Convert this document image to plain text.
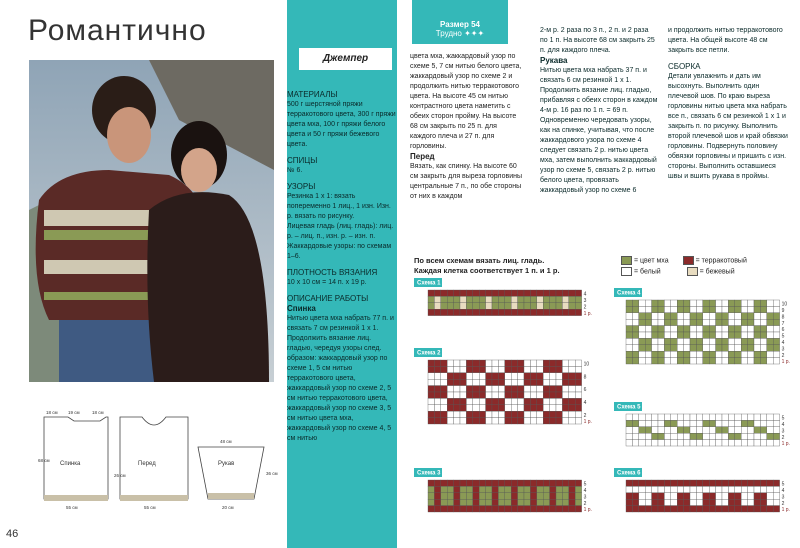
Романтично
Спинка
18 см 19 см	18 см
55 см
68 см
Перед
55 см
26 см
Рукав
48 см
20 см
36 см
46
Джемпер
МАТЕРИАЛЫ
500 г шерстяной пряжи терракотового цвета, 300 г пряжи цвета мха, 100 г пряжи белого цвета и 50 г пряжи бежевого цвета.
СПИЦЫ
№ 6.
УЗОРЫ
Резинка 1 х 1: вязать попеременно 1 лиц., 1 изн. Изн. р. вязать по рисунку.
Лицевая гладь (лиц. гладь): лиц. р. – лиц. п., изн. р. – изн. п. Жаккардовые узоры: по схемам 1–6.
ПЛОТНОСТЬ ВЯЗАНИЯ
10 х 10 см = 14 п. х 19 р.
ОПИСАНИЕ РАБОТЫ
Спинка
Нитью цвета мха набрать 77 п. и связать 7 см резинкой 1 х 1. Продолжить вязание лиц. гладью, чередуя узоры след. образом: жаккардовый узор по схеме 1, 5 см нитью терракотового цвета, жаккардовый узор по схеме 2, 5 см нитью терракотового цвета, жаккардовый узор по схеме 3, 5 см нитью цвета мха, жаккардовый узор по схеме 4, 5 см нитью
Размер 54
Трудно ✦✦✦
цвета мха, жаккардовый узор по схеме 5, 7 см нитью белого цвета, жаккардовый узор по схеме 2 и продолжить нитью терракотового цвета. На высоте 45 см нитью контрастного цвета наметить с обеих сторон пройму. На высоте 68 см закрыть по 25 п. для каждого плеча и 27 п. для горловины.
Перед
Вязать, как спинку. На высоте 60 см закрыть для выреза горловины центральные 7 п., по обе стороны от них в каждом
2-м р. 2 раза по 3 п., 2 п. и 2 раза по 1 п. На высоте 68 см закрыть 25 п. для каждого плеча.
Рукава
Нитью цвета мха набрать 37 п. и связать 6 см резинкой 1 х 1. Продолжить вязание лиц. гладью, прибавляя с обеих сторон в каждом 4-м р. 16 раз по 1 п. = 69 п. Одновременно чередовать узоры, как на спинке, учитывая, что после жаккардового узора по схеме 4 следует связать 2 р. нитью цвета мха, затем выполнить жаккардовый узор по схеме 5, связать 2 р. нитью белого цвета, провязать жаккардовый узор по схеме 6
и продолжить нитью терракотового цвета. На общей высоте 48 см закрыть все петли.
СБОРКА
Детали увлажнить и дать им высохнуть. Выполнить один плечевой шов. По краю выреза горловины нитью цвета мха набрать все п., связать 6 см резинкой 1 х 1 и закрыть п. по рисунку. Выполнить второй плечевой шов и край обвязки горловины. Подвернуть половину обвязки горловины и пришить с изн. стороны. Выполнить оставшиеся швы и вшить рукава в проймы.
По всем схемам вязать лиц. гладь.
Каждая клетка соответствует 1 п. и 1 р.
= цвет мха	= терракотовый
= белый	= бежевый
Схема 1
1 р.
2
3
4
Схема 2
1 р.
2
4
6
8
10
Схема 3
1 р.
2
3
4
5
Схема 4
1 р.
2
3
4
5
6
7
8
9
10
Схема 5
1 р.
2
3
4
5
Схема 6
1 р.
2
3
4
5
